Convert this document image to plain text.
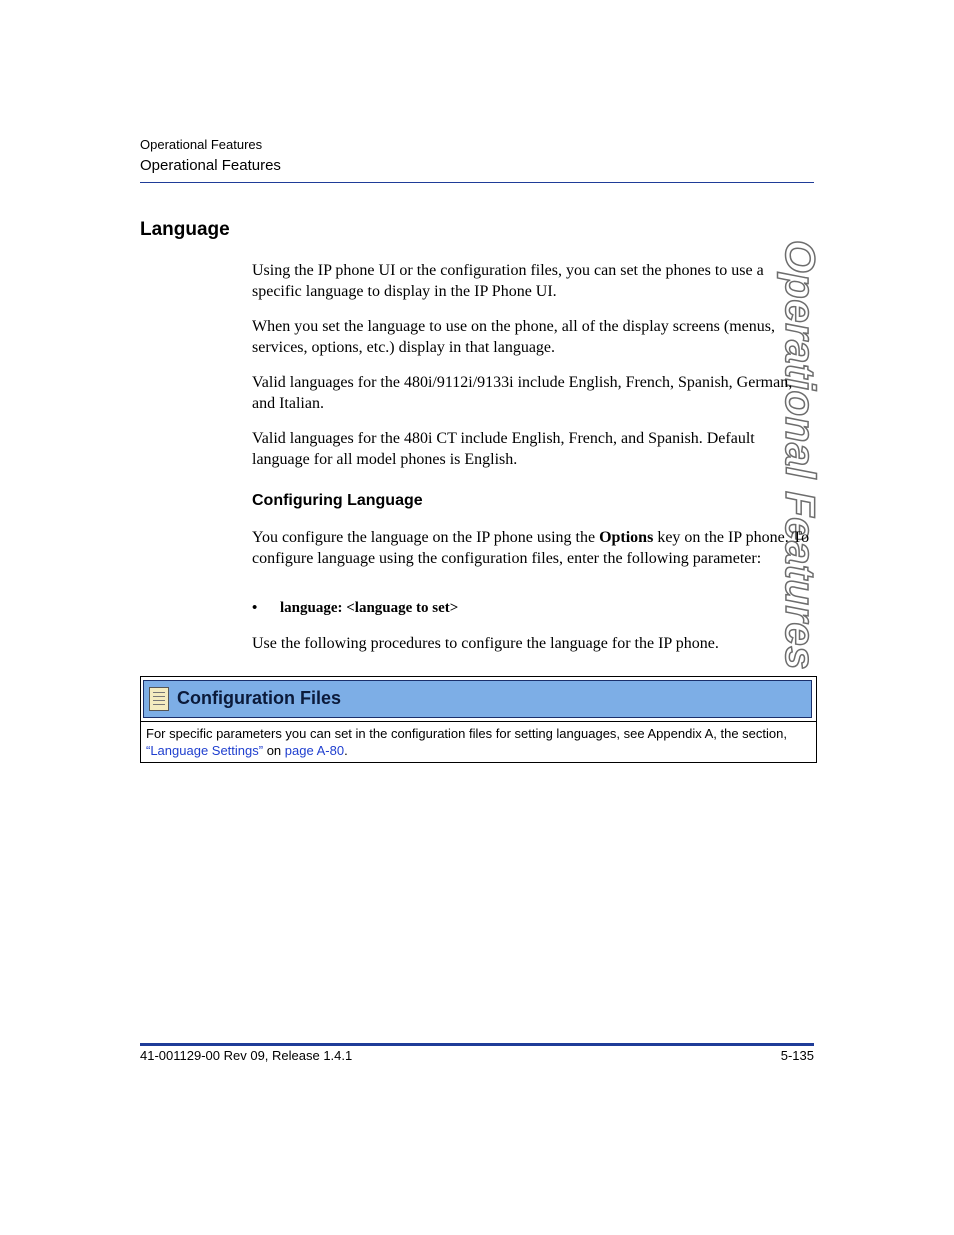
Operational Features
Operational Features
Operational Features
Language
Using the IP phone UI or the configuration files, you can set the phones to use a specific language to display in the IP Phone UI.
When you set the language to use on the phone, all of the display screens (menus, services, options, etc.) display in that language.
Valid languages for the 480i/9112i/9133i include English, French, Spanish, German, and Italian.
Valid languages for the 480i CT include English, French, and Spanish. Default language for all model phones is English.
Configuring Language
You configure the language on the IP phone using the Options key on the IP phone. To configure language using the configuration files, enter the following parameter:
• language: <language to set>
Use the following procedures to configure the language for the IP phone.
Configuration Files
For specific parameters you can set in the configuration files for setting languages, see Appendix A, the section, “Language Settings” on page A-80.
41-001129-00 Rev 09, Release 1.4.1	5-135
